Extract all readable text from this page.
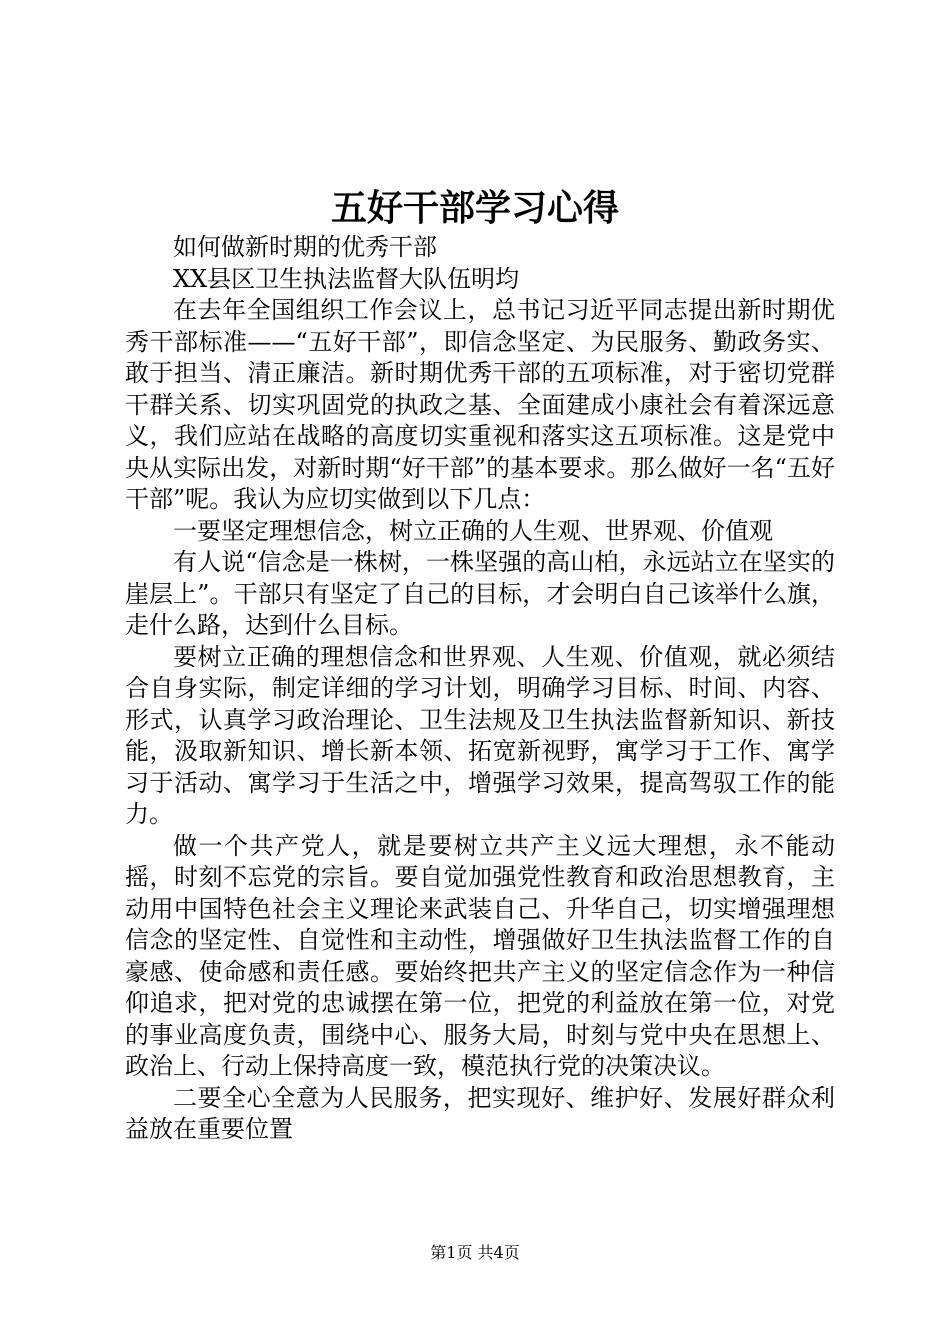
五好干部学习心得

如何做新时期的优秀干部

XX县区卫生执法监督大队伍明均

在去年全国组织工作会议上，总书记习近平同志提出新时期优秀干部标准——“五好干部”，即信念坚定、为民服务、勤政务实、敢于担当、清正廉洁。新时期优秀干部的五项标准，对于密切党群干群关系、切实巩固党的执政之基、全面建成小康社会有着深远意义，我们应站在战略的高度切实重视和落实这五项标准。这是党中央从实际出发，对新时期“好干部”的基本要求。那么做好一名“五好干部”呢。我认为应切实做到以下几点：

一要坚定理想信念，树立正确的人生观、世界观、价值观

有人说“信念是一株树，一株坚强的高山柏，永远站立在坚实的崖层上”。干部只有坚定了自己的目标，才会明白自己该举什么旗，走什么路，达到什么目标。

要树立正确的理想信念和世界观、人生观、价值观，就必须结合自身实际，制定详细的学习计划，明确学习目标、时间、内容、形式，认真学习政治理论、卫生法规及卫生执法监督新知识、新技能，汲取新知识、增长新本领、拓宽新视野，寓学习于工作、寓学习于活动、寓学习于生活之中，增强学习效果，提高驾驭工作的能力。

做一个共产党人，就是要树立共产主义远大理想，永不能动摇，时刻不忘党的宗旨。要自觉加强党性教育和政治思想教育，主动用中国特色社会主义理论来武装自己、升华自己，切实增强理想信念的坚定性、自觉性和主动性，增强做好卫生执法监督工作的自豪感、使命感和责任感。要始终把共产主义的坚定信念作为一种信仰追求，把对党的忠诚摆在第一位，把党的利益放在第一位，对党的事业高度负责，围绕中心、服务大局，时刻与党中央在思想上、政治上、行动上保持高度一致，模范执行党的决策决议。

二要全心全意为人民服务，把实现好、维护好、发展好群众利益放在重要位置

第1页 共4页
